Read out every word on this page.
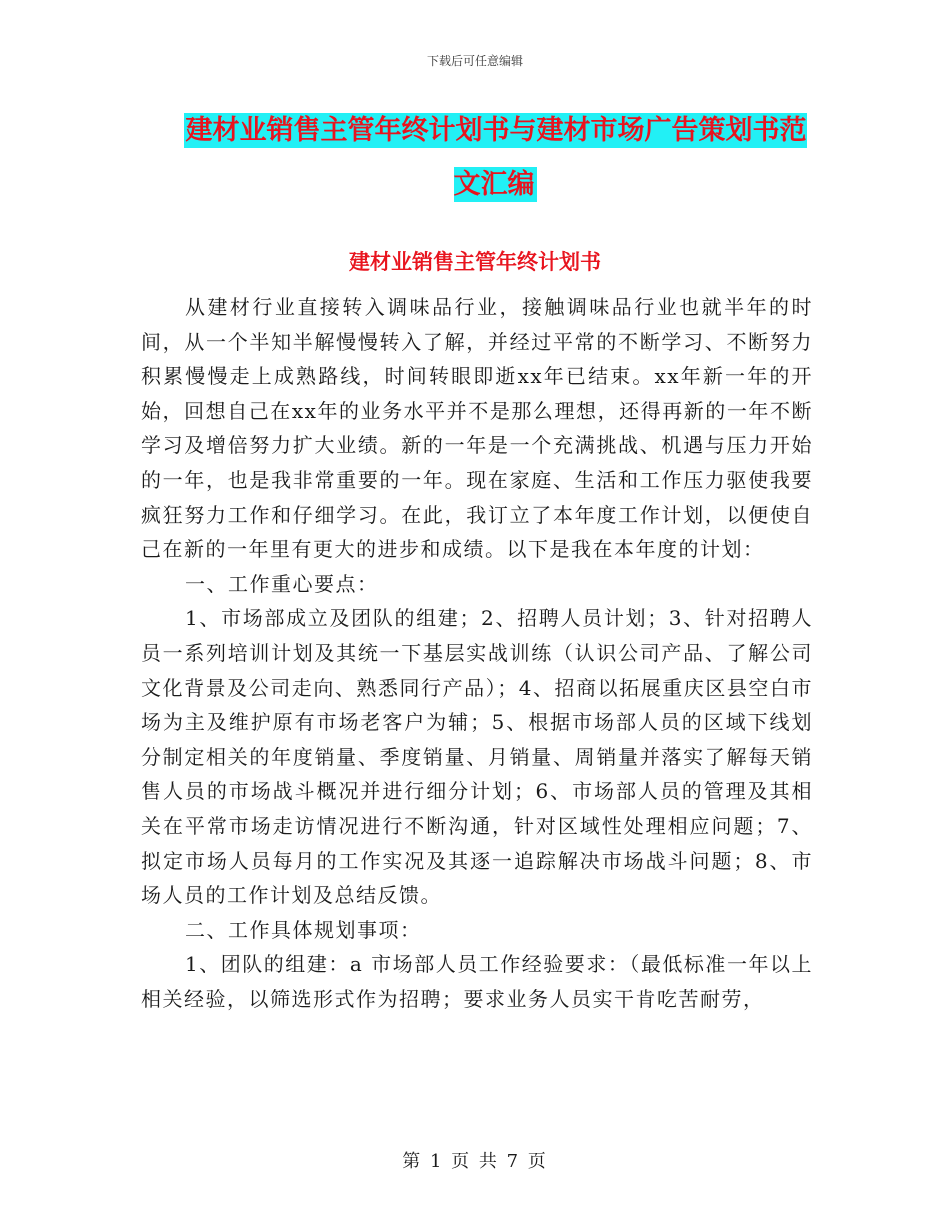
下载后可任意编辑
建材业销售主管年终计划书与建材市场广告策划书范文汇编
建材业销售主管年终计划书

从建材行业直接转入调味品行业，接触调味品行业也就半年的时间，从一个半知半解慢慢转入了解，并经过平常的不断学习、不断努力积累慢慢走上成熟路线，时间转眼即逝xx年已结束。xx年新一年的开始，回想自己在xx年的业务水平并不是那么理想，还得再新的一年不断学习及增倍努力扩大业绩。新的一年是一个充满挑战、机遇与压力开始的一年，也是我非常重要的一年。现在家庭、生活和工作压力驱使我要疯狂努力工作和仔细学习。在此，我订立了本年度工作计划，以便使自己在新的一年里有更大的进步和成绩。以下是我在本年度的计划：

一、工作重心要点：

1、市场部成立及团队的组建；2、招聘人员计划；3、针对招聘人员一系列培训计划及其统一下基层实战训练（认识公司产品、了解公司文化背景及公司走向、熟悉同行产品）；4、招商以拓展重庆区县空白市场为主及维护原有市场老客户为辅；5、根据市场部人员的区域下线划分制定相关的年度销量、季度销量、月销量、周销量并落实了解每天销售人员的市场战斗概况并进行细分计划；6、市场部人员的管理及其相关在平常市场走访情况进行不断沟通，针对区域性处理相应问题；7、拟定市场人员每月的工作实况及其逐一追踪解决市场战斗问题；8、市场人员的工作计划及总结反馈。

二、工作具体规划事项：

1、团队的组建：a 市场部人员工作经验要求：（最低标准一年以上相关经验，以筛选形式作为招聘；要求业务人员实干肯吃苦耐劳，

第 1 页 共 7 页
